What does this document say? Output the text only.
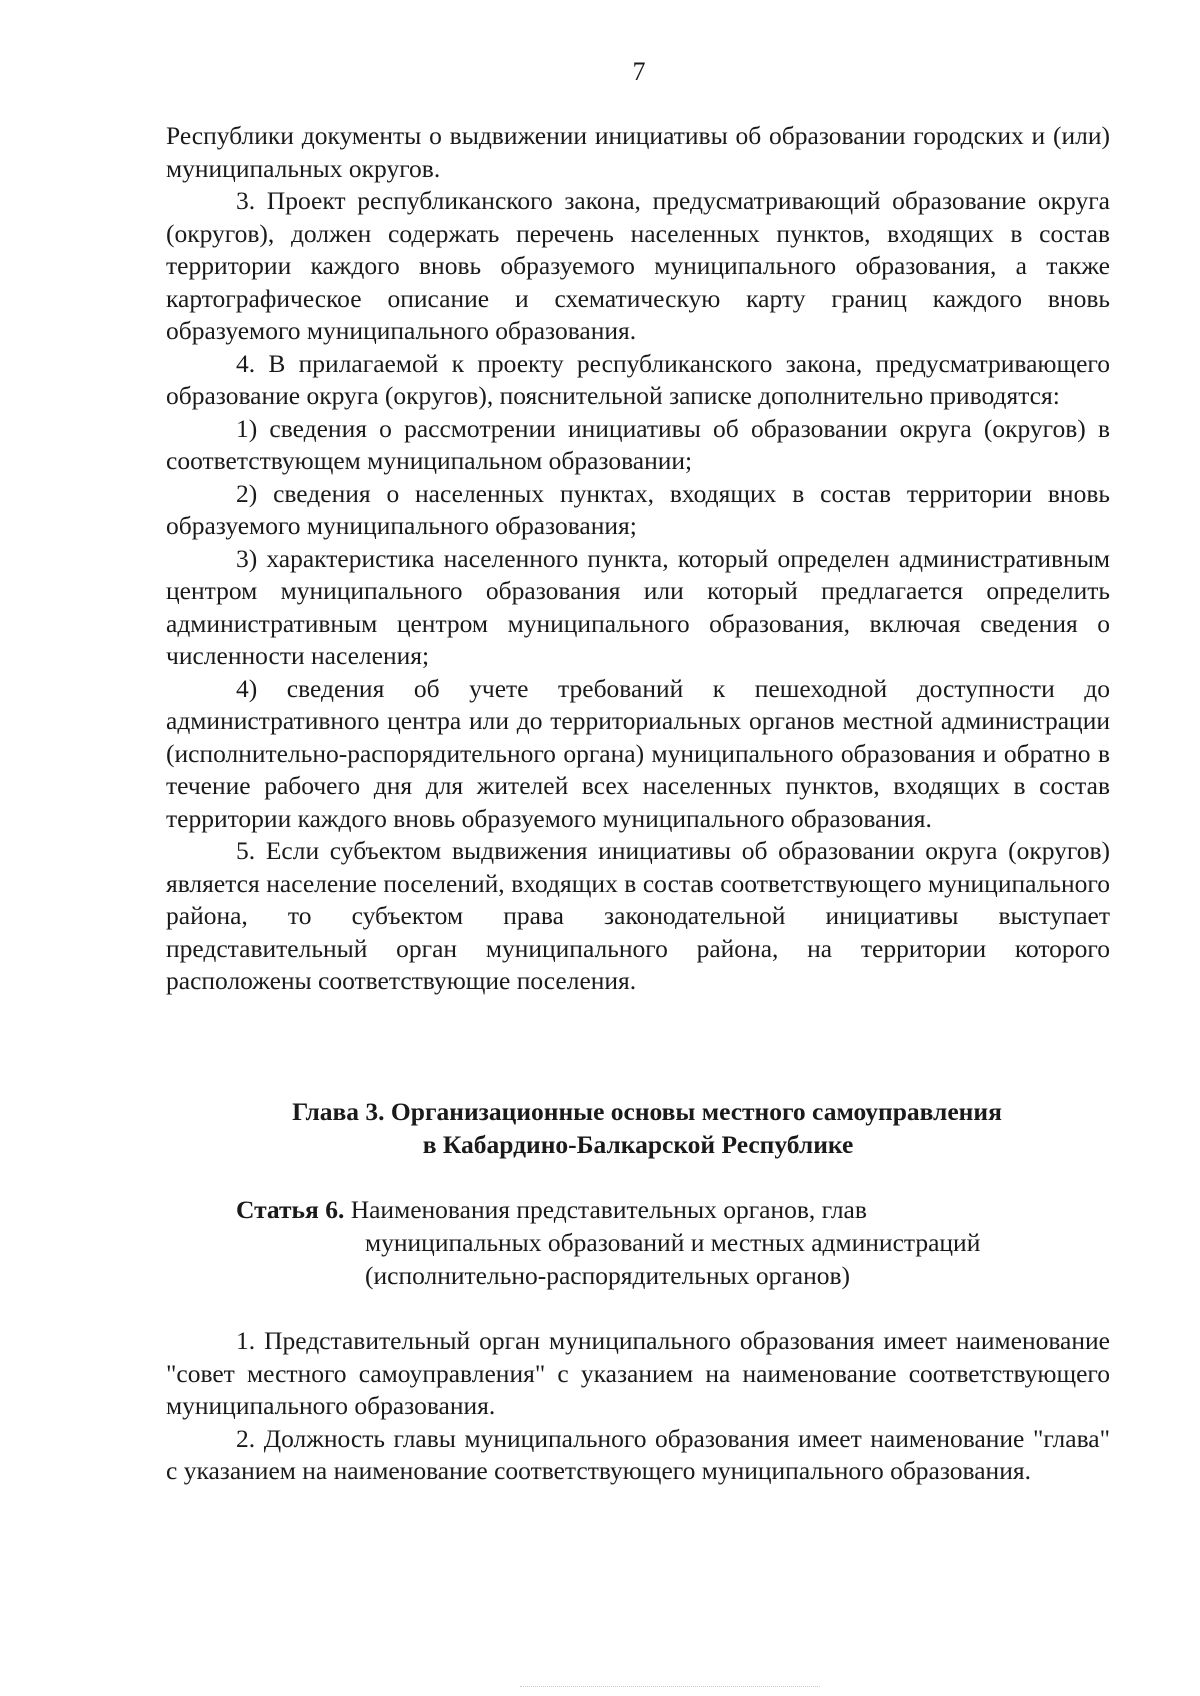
7

Республики документы о выдвижении инициативы об образовании городских и (или) муниципальных округов.

3. Проект республиканского закона, предусматривающий образование округа (округов), должен содержать перечень населенных пунктов, входящих в состав территории каждого вновь образуемого муниципального образования, а также картографическое описание и схематическую карту границ каждого вновь образуемого муниципального образования.

4. В прилагаемой к проекту республиканского закона, предусматривающего образование округа (округов), пояснительной записке дополнительно приводятся:

1) сведения о рассмотрении инициативы об образовании округа (округов) в соответствующем муниципальном образовании;

2) сведения о населенных пунктах, входящих в состав территории вновь образуемого муниципального образования;

3) характеристика населенного пункта, который определен административным центром муниципального образования или который предлагается определить административным центром муниципального образования, включая сведения о численности населения;

4) сведения об учете требований к пешеходной доступности до административного центра или до территориальных органов местной администрации (исполнительно-распорядительного органа) муниципального образования и обратно в течение рабочего дня для жителей всех населенных пунктов, входящих в состав территории каждого вновь образуемого муниципального образования.

5. Если субъектом выдвижения инициативы об образовании округа (округов) является население поселений, входящих в состав соответствующего муниципального района, то субъектом права законодательной инициативы выступает представительный орган муниципального района, на территории которого расположены соответствующие поселения.

Глава 3. Организационные основы местного самоуправления
в Кабардино-Балкарской Республике
Статья 6. Наименования представительных органов, глав
муниципальных образований и местных администраций
(исполнительно-распорядительных органов)

1. Представительный орган муниципального образования имеет наименование "совет местного самоуправления" с указанием на наименование соответствующего муниципального образования.

2. Должность главы муниципального образования имеет наименование "глава" с указанием на наименование соответствующего муниципального образования.
